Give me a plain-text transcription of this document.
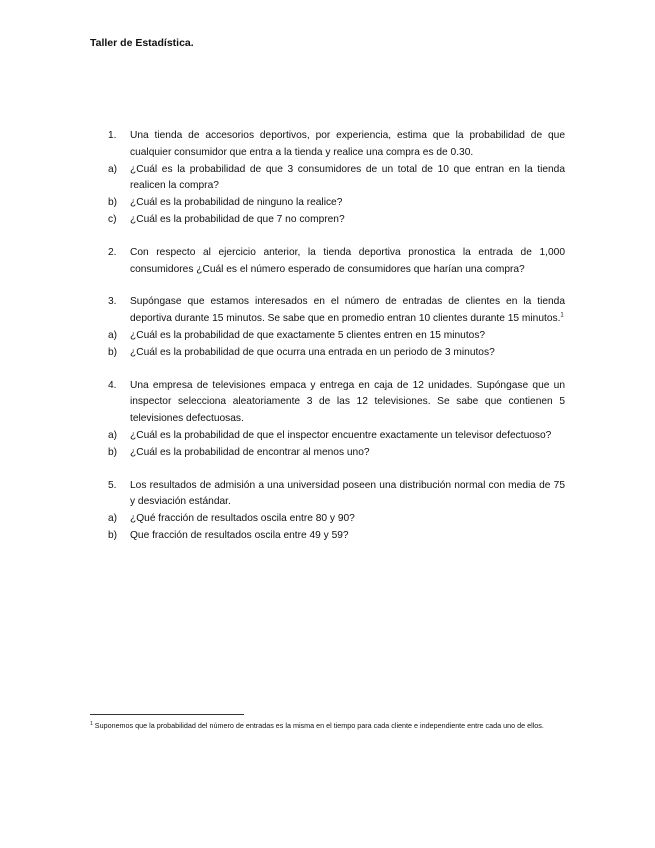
Taller de Estadística.
1.	Una tienda de accesorios deportivos, por experiencia, estima que la probabilidad de que cualquier consumidor que entra a la tienda y realice una compra es de 0.30.
a)	¿Cuál es la probabilidad de que 3 consumidores de un total de 10 que entran en la tienda realicen la compra?
b)	¿Cuál es la probabilidad de ninguno la realice?
c)	¿Cuál es la probabilidad de que 7 no compren?
2.	Con respecto al ejercicio anterior, la tienda deportiva pronostica la entrada de 1,000 consumidores ¿Cuál es el número esperado de consumidores que harían una compra?
3.	Supóngase que estamos interesados en el número de entradas de clientes en la tienda deportiva durante 15 minutos. Se sabe que en promedio entran 10 clientes durante 15 minutos.$^1$
a)	¿Cuál es la probabilidad de que exactamente 5 clientes entren en 15 minutos?
b)	¿Cuál es la probabilidad de que ocurra una entrada en un periodo de 3 minutos?
4.	Una empresa de televisiones empaca y entrega en caja de 12 unidades. Supóngase que un inspector selecciona aleatoriamente 3 de las 12 televisiones. Se sabe que contienen 5 televisiones defectuosas.
a)	¿Cuál es la probabilidad de que el inspector encuentre exactamente un televisor defectuoso?
b)	¿Cuál es la probabilidad de encontrar al menos uno?
5.	Los resultados de admisión a una universidad poseen una distribución normal con media de 75 y desviación estándar.
a)	¿Qué fracción de resultados oscila entre 80 y 90?
b)	Que fracción de resultados oscila entre 49 y 59?
$^1$ Suponemos que la probabilidad del número de entradas es la misma en el tiempo para cada cliente e independiente entre cada uno de ellos.
